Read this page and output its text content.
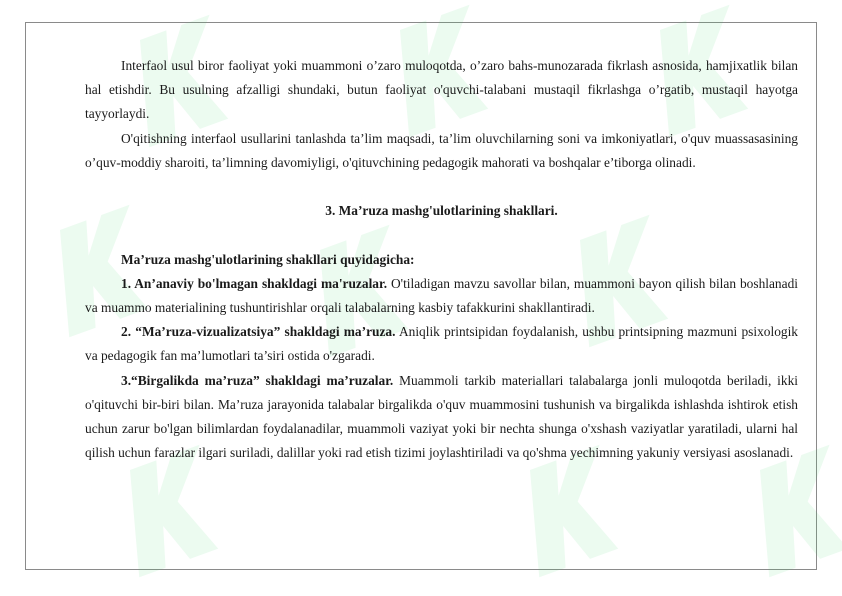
Interfaol usul biror faoliyat yoki muammoni o’zaro muloqotda, o’zaro bahs-munozarada fikrlash asnosida, hamjixatlik bilan hal etishdir. Bu usulning afzalligi shundaki, butun faoliyat o'quvchi-talabani mustaqil fikrlashga o’rgatib, mustaqil hayotga tayyorlaydi.

O'qitishning interfaol usullarini tanlashda ta’lim maqsadi, ta’lim oluvchilarning soni va imkoniyatlari, o'quv muassasasining o’quv-moddiy sharoiti, ta’limning davomiyligi, o'qituvchining pedagogik mahorati va boshqalar e’tiborga olinadi.

3. Ma’ruza mashg'ulotlarining shakllari.

Ma’ruza mashg'ulotlarining shakllari quyidagicha:

1. An’anaviy bo'lmagan shakldagi ma'ruzalar. O'tiladigan mavzu savollar bilan, muammoni bayon qilish bilan boshlanadi va muammo materialining tushuntirishlar orqali talabalarning kasbiy tafakkurini shakllantiradi.

2. “Ma’ruza-vizualizatsiya” shakldagi ma’ruza. Aniqlik printsipidan foydalanish, ushbu printsipning mazmuni psixologik va pedagogik fan ma’lumotlari ta’siri ostida o'zgaradi.

3.“Birgalikda ma’ruza” shakldagi ma’ruzalar. Muammoli tarkib materiallari talabalarga jonli muloqotda beriladi, ikki o'qituvchi bir-biri bilan. Ma’ruza jarayonida talabalar birgalikda o'quv muammosini tushunish va birgalikda ishlashda ishtirok etish uchun zarur bo'lgan bilimlardan foydalanadilar, muammoli vaziyat yoki bir nechta shunga o'xshash vaziyatlar yaratiladi, ularni hal qilish uchun farazlar ilgari suriladi, dalillar yoki rad etish tizimi joylashtiriladi va qo'shma yechimning yakuniy versiyasi asoslanadi.
